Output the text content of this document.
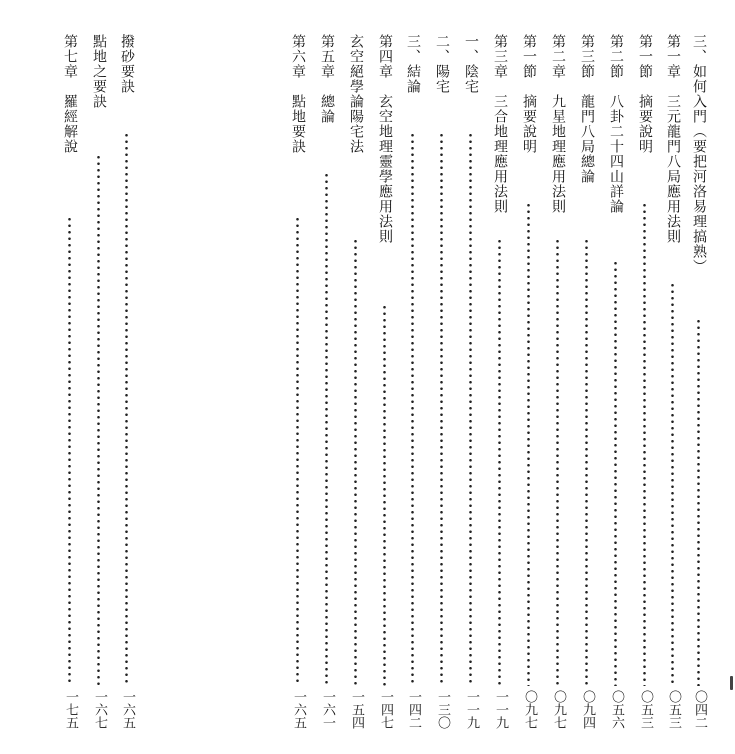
三、如何入門（要把河洛易理搞熟）
〇四二
第一章　三元龍門八局應用法則
〇五三
第一節　摘要說明
〇五三
第二節　八卦二十四山詳論
〇五六
第三節　龍門八局總論
〇九四
第二章　九星地理應用法則
〇九七
第一節　摘要說明
〇九七
第三章　三合地理應用法則
一一九
一、陰宅
一一九
二、陽宅
一三〇
三、結論
一四二
第四章　玄空地理靈學應用法則
一四七
玄空絕學論陽宅法
一五四
第五章　總論
一六一
第六章　點地要訣
一六五
撥砂要訣
一六五
點地之要訣
一六七
第七章　羅經解說
一七五
